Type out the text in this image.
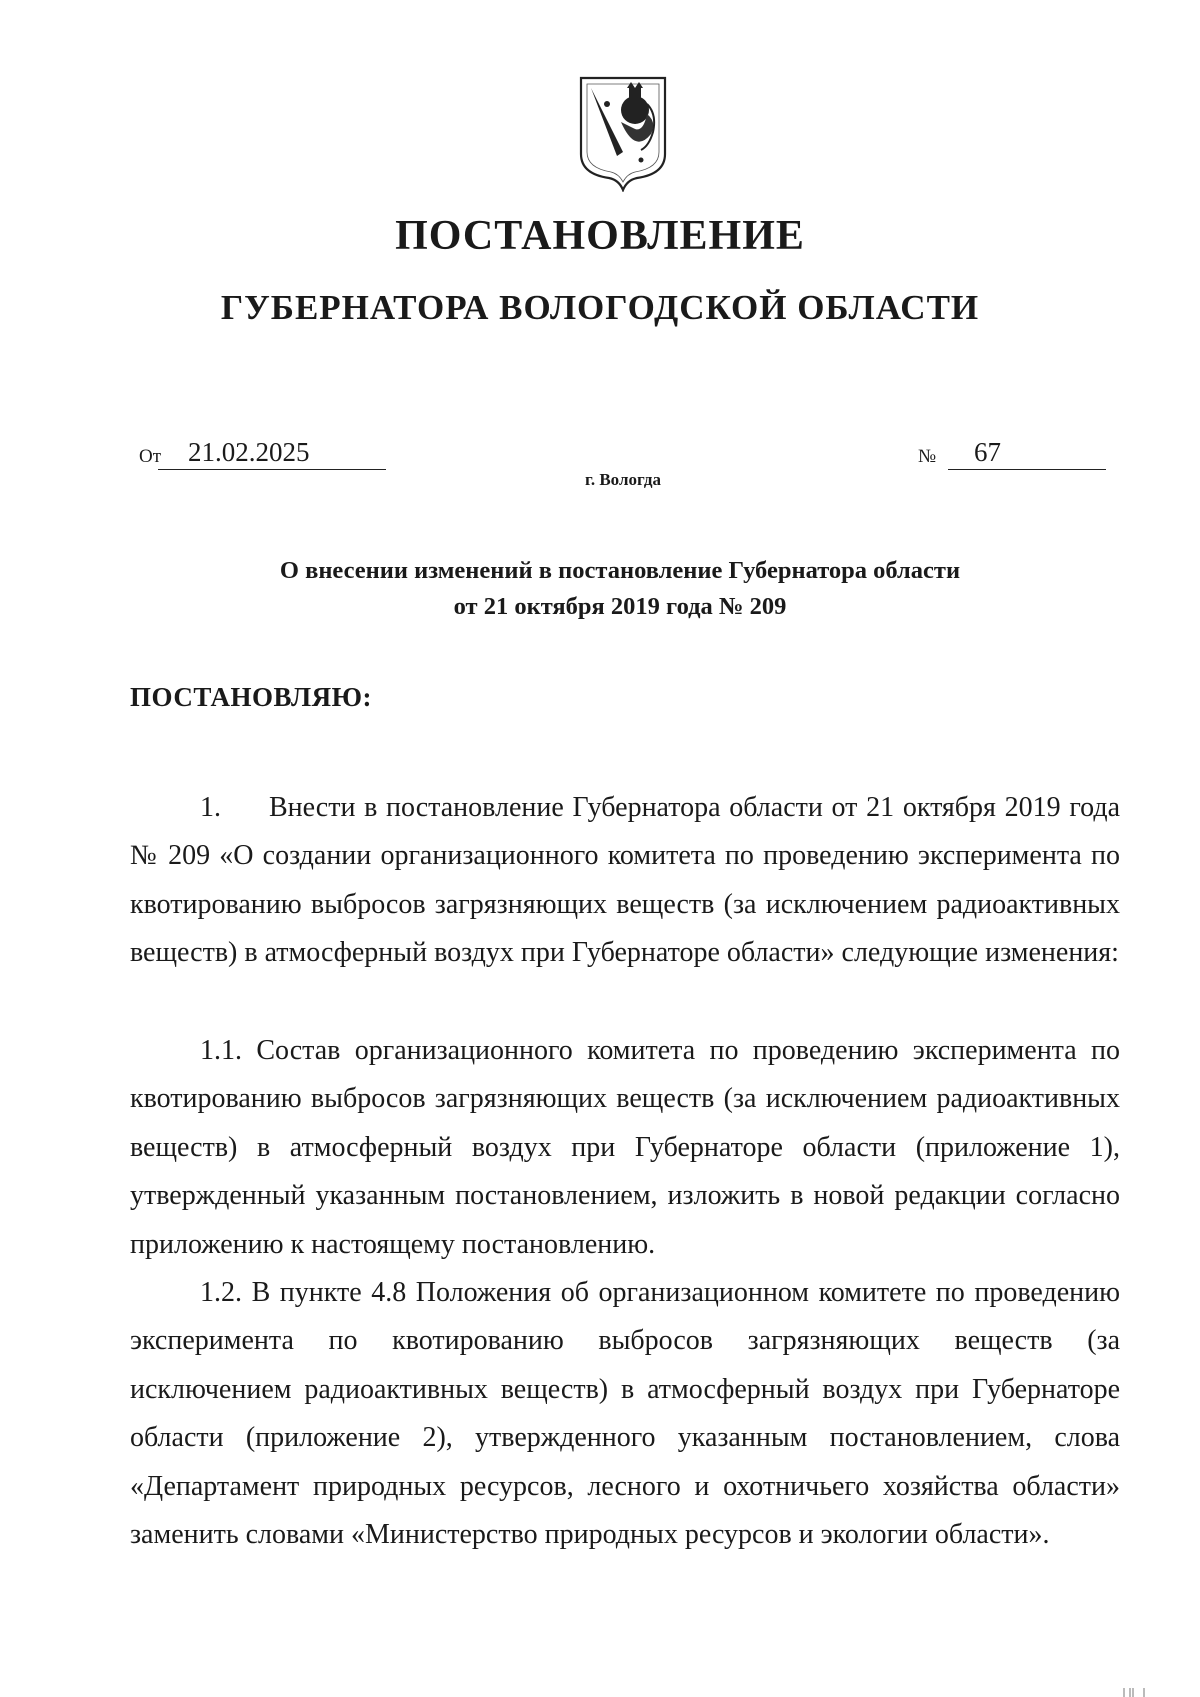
ПОСТАНОВЛЕНИЕ
ГУБЕРНАТОРА ВОЛОГОДСКОЙ ОБЛАСТИ
От 21.02.2025	№	67
г. Вологда
О внесении изменений в постановление Губернатора области
от 21 октября 2019 года № 209
ПОСТАНОВЛЯЮ:

1. Внести в постановление Губернатора области от 21 октября 2019 года № 209 «О создании организационного комитета по проведению эксперимента по квотированию выбросов загрязняющих веществ (за исключением радиоактивных веществ) в атмосферный воздух при Губернаторе области» следующие изменения:

1.1. Состав организационного комитета по проведению эксперимента по квотированию выбросов загрязняющих веществ (за исключением радиоактивных веществ) в атмосферный воздух при Губернаторе области (приложение 1), утвержденный указанным постановлением, изложить в новой редакции согласно приложению к настоящему постановлению.

1.2. В пункте 4.8 Положения об организационном комитете по проведению эксперимента по квотированию выбросов загрязняющих веществ (за исключением радиоактивных веществ) в атмосферный воздух при Губернаторе области (приложение 2), утвержденного указанным постановлением, слова «Департамент природных ресурсов, лесного и охотничьего хозяйства области» заменить словами «Министерство природных ресурсов и экологии области».
